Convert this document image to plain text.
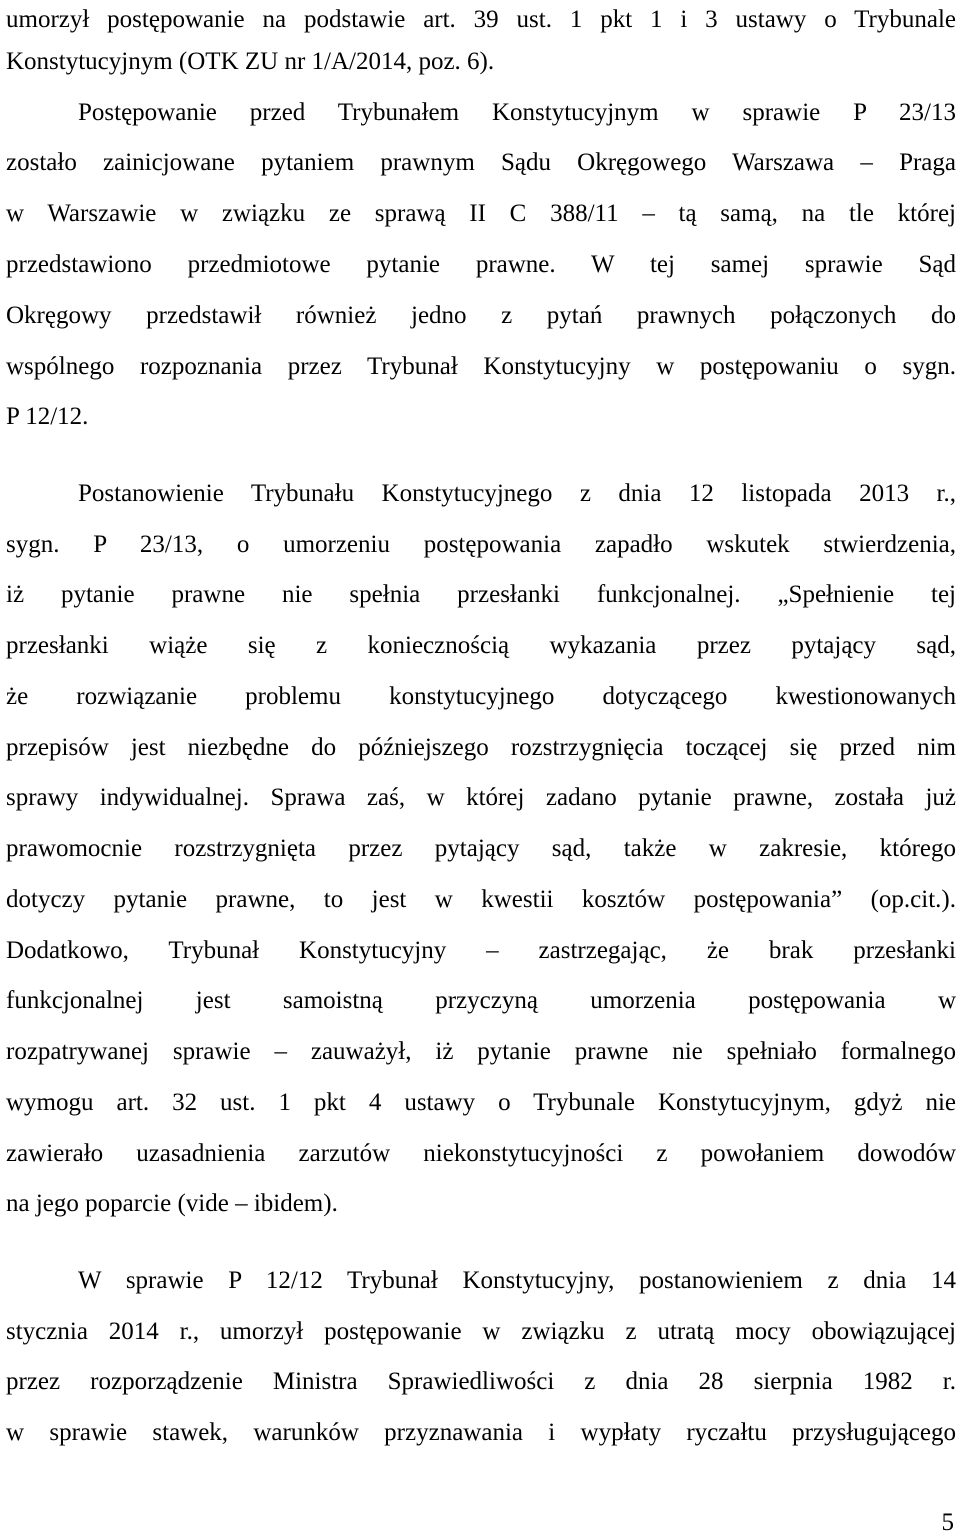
umorzył postępowanie na podstawie art. 39 ust. 1 pkt 1 i 3 ustawy o Trybunale
Konstytucyjnym (OTK ZU nr 1/A/2014, poz. 6).
Postępowanie przed Trybunałem Konstytucyjnym w sprawie P 23/13
zostało zainicjowane pytaniem prawnym Sądu Okręgowego Warszawa – Praga
w Warszawie w związku ze sprawą II C 388/11 – tą samą, na tle której
przedstawiono przedmiotowe pytanie prawne. W tej samej sprawie Sąd
Okręgowy przedstawił również jedno z pytań prawnych połączonych do
wspólnego rozpoznania przez Trybunał Konstytucyjny w postępowaniu o sygn.
P 12/12.
Postanowienie Trybunału Konstytucyjnego z dnia 12 listopada 2013 r.,
sygn. P 23/13, o umorzeniu postępowania zapadło wskutek stwierdzenia,
iż pytanie prawne nie spełnia przesłanki funkcjonalnej. „Spełnienie tej
przesłanki wiąże się z koniecznością wykazania przez pytający sąd,
że rozwiązanie problemu konstytucyjnego dotyczącego kwestionowanych
przepisów jest niezbędne do późniejszego rozstrzygnięcia toczącej się przed nim
sprawy indywidualnej. Sprawa zaś, w której zadano pytanie prawne, została już
prawomocnie rozstrzygnięta przez pytający sąd, także w zakresie, którego
dotyczy pytanie prawne, to jest w kwestii kosztów postępowania” (op.cit.).
Dodatkowo, Trybunał Konstytucyjny – zastrzegając, że brak przesłanki
funkcjonalnej jest samoistną przyczyną umorzenia postępowania w
rozpatrywanej sprawie – zauważył, iż pytanie prawne nie spełniało formalnego
wymogu art. 32 ust. 1 pkt 4 ustawy o Trybunale Konstytucyjnym, gdyż nie
zawierało uzasadnienia zarzutów niekonstytucyjności z powołaniem dowodów
na jego poparcie (vide – ibidem).
W sprawie P 12/12 Trybunał Konstytucyjny, postanowieniem z dnia 14
stycznia 2014 r., umorzył postępowanie w związku z utratą mocy obowiązującej
przez rozporządzenie Ministra Sprawiedliwości z dnia 28 sierpnia 1982 r.
w sprawie stawek, warunków przyznawania i wypłaty ryczałtu przysługującego
5
